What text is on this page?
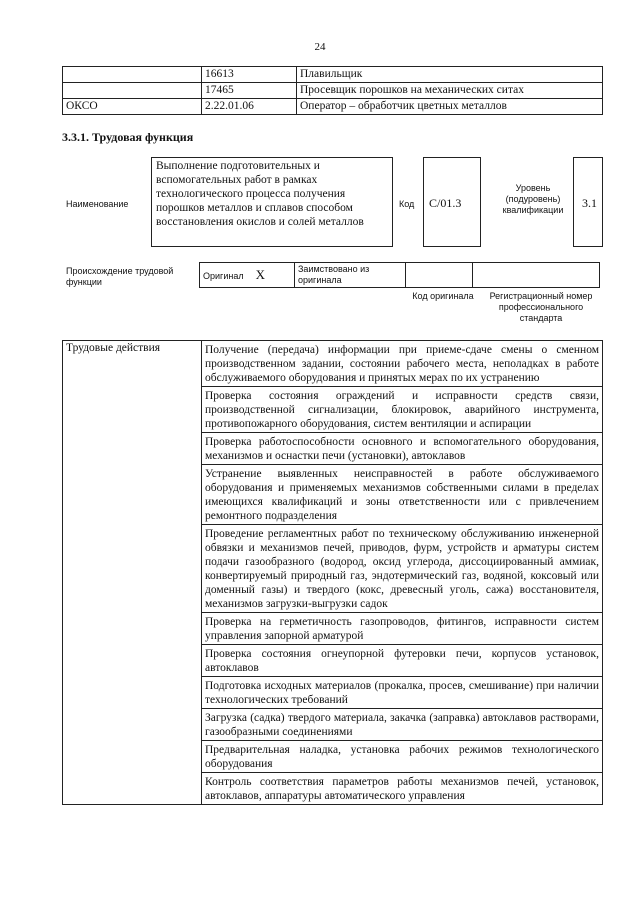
24
	16613	Плавильщик
	17465	Просевщик порошков на механических ситах
ОКСО	2.22.01.06	Оператор – обработчик цветных металлов
3.3.1. Трудовая функция
Наименование
Выполнение подготовительных и вспомогательных работ в рамках технологического процесса получения порошков металлов и сплавов способом восстановления окислов и солей металлов
Код	С/01.3
Уровень (подуровень) квалификации	3.1
Происхождение трудовой функции
Оригинал X	Заимствовано из оригинала		
Код оригинала	Регистрационный номер профессионального стандарта
Трудовые действия	Получение (передача) информации при приеме-сдаче смены о сменном производственном задании, состоянии рабочего места, неполадках в работе обслуживаемого оборудования и принятых мерах по их устранению
Проверка состояния ограждений и исправности средств связи, производственной сигнализации, блокировок, аварийного инструмента, противопожарного оборудования, систем вентиляции и аспирации
Проверка работоспособности основного и вспомогательного оборудования, механизмов и оснастки печи (установки), автоклавов
Устранение выявленных неисправностей в работе обслуживаемого оборудования и применяемых механизмов собственными силами в пределах имеющихся квалификаций и зоны ответственности или с привлечением ремонтного подразделения
Проведение регламентных работ по техническому обслуживанию инженерной обвязки и механизмов печей, приводов, фурм, устройств и арматуры систем подачи газообразного (водород, оксид углерода, диссоциированный аммиак, конвертируемый природный газ, эндотермический газ, водяной, коксовый или доменный газы) и твердого (кокс, древесный уголь, сажа) восстановителя, механизмов загрузки-выгрузки садок
Проверка на герметичность газопроводов, фитингов, исправности систем управления запорной арматурой
Проверка состояния огнеупорной футеровки печи, корпусов установок, автоклавов
Подготовка исходных материалов (прокалка, просев, смешивание) при наличии технологических требований
Загрузка (садка) твердого материала, закачка (заправка) автоклавов растворами, газообразными соединениями
Предварительная наладка, установка рабочих режимов технологического оборудования
Контроль соответствия параметров работы механизмов печей, установок, автоклавов, аппаратуры автоматического управления
